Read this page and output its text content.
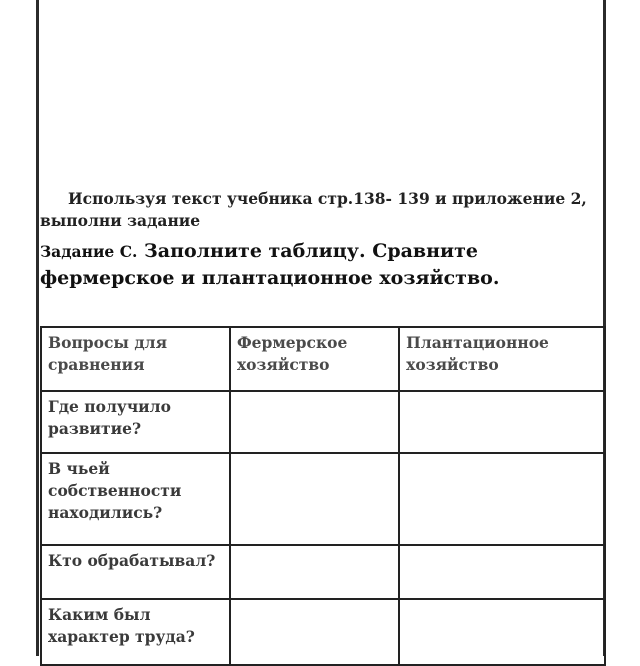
Используя текст учебника стр.138- 139 и приложение 2, выполни задание
Задание С. Заполните таблицу. Сравните фермерское и плантационное хозяйство.
Вопросы для сравнения	Фермерское хозяйство	Плантационное хозяйство
Где получило развитие?		
В чьей собственности находились?		
Кто обрабатывал?		
Каким был характер труда?		
